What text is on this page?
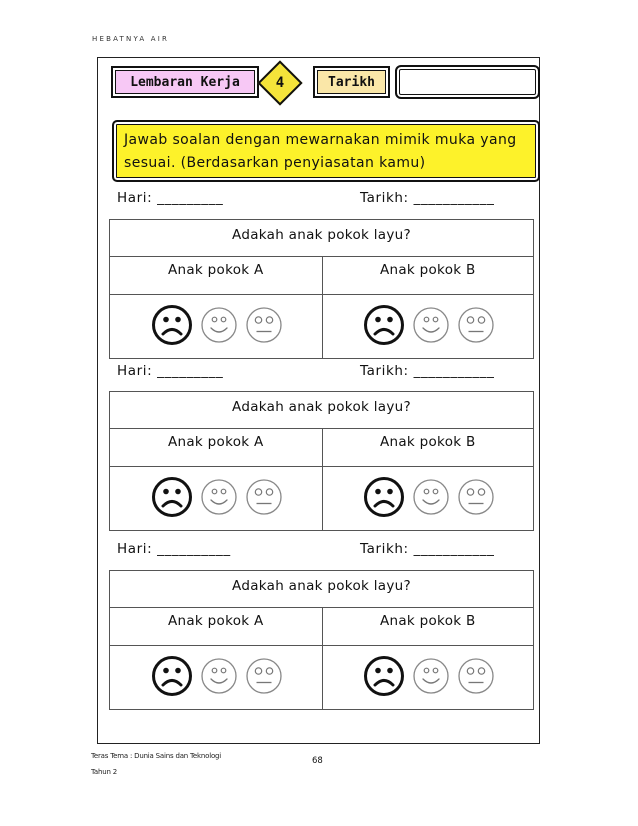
HEBATNYA AIR
Lembaran Kerja	4	Tarikh
Jawab soalan dengan mewarnakan mimik muka yang
sesuai. (Berdasarkan penyiasatan kamu)
Hari: _________	Tarikh: ___________
Adakah anak pokok layu?
Anak pokok A	Anak pokok B
Hari: _________	Tarikh: ___________
Adakah anak pokok layu?
Anak pokok A	Anak pokok B
Hari: __________	Tarikh: ___________
Adakah anak pokok layu?
Anak pokok A	Anak pokok B
Teras Tema : Dunia Sains dan Teknologi
Tahun 2
68
